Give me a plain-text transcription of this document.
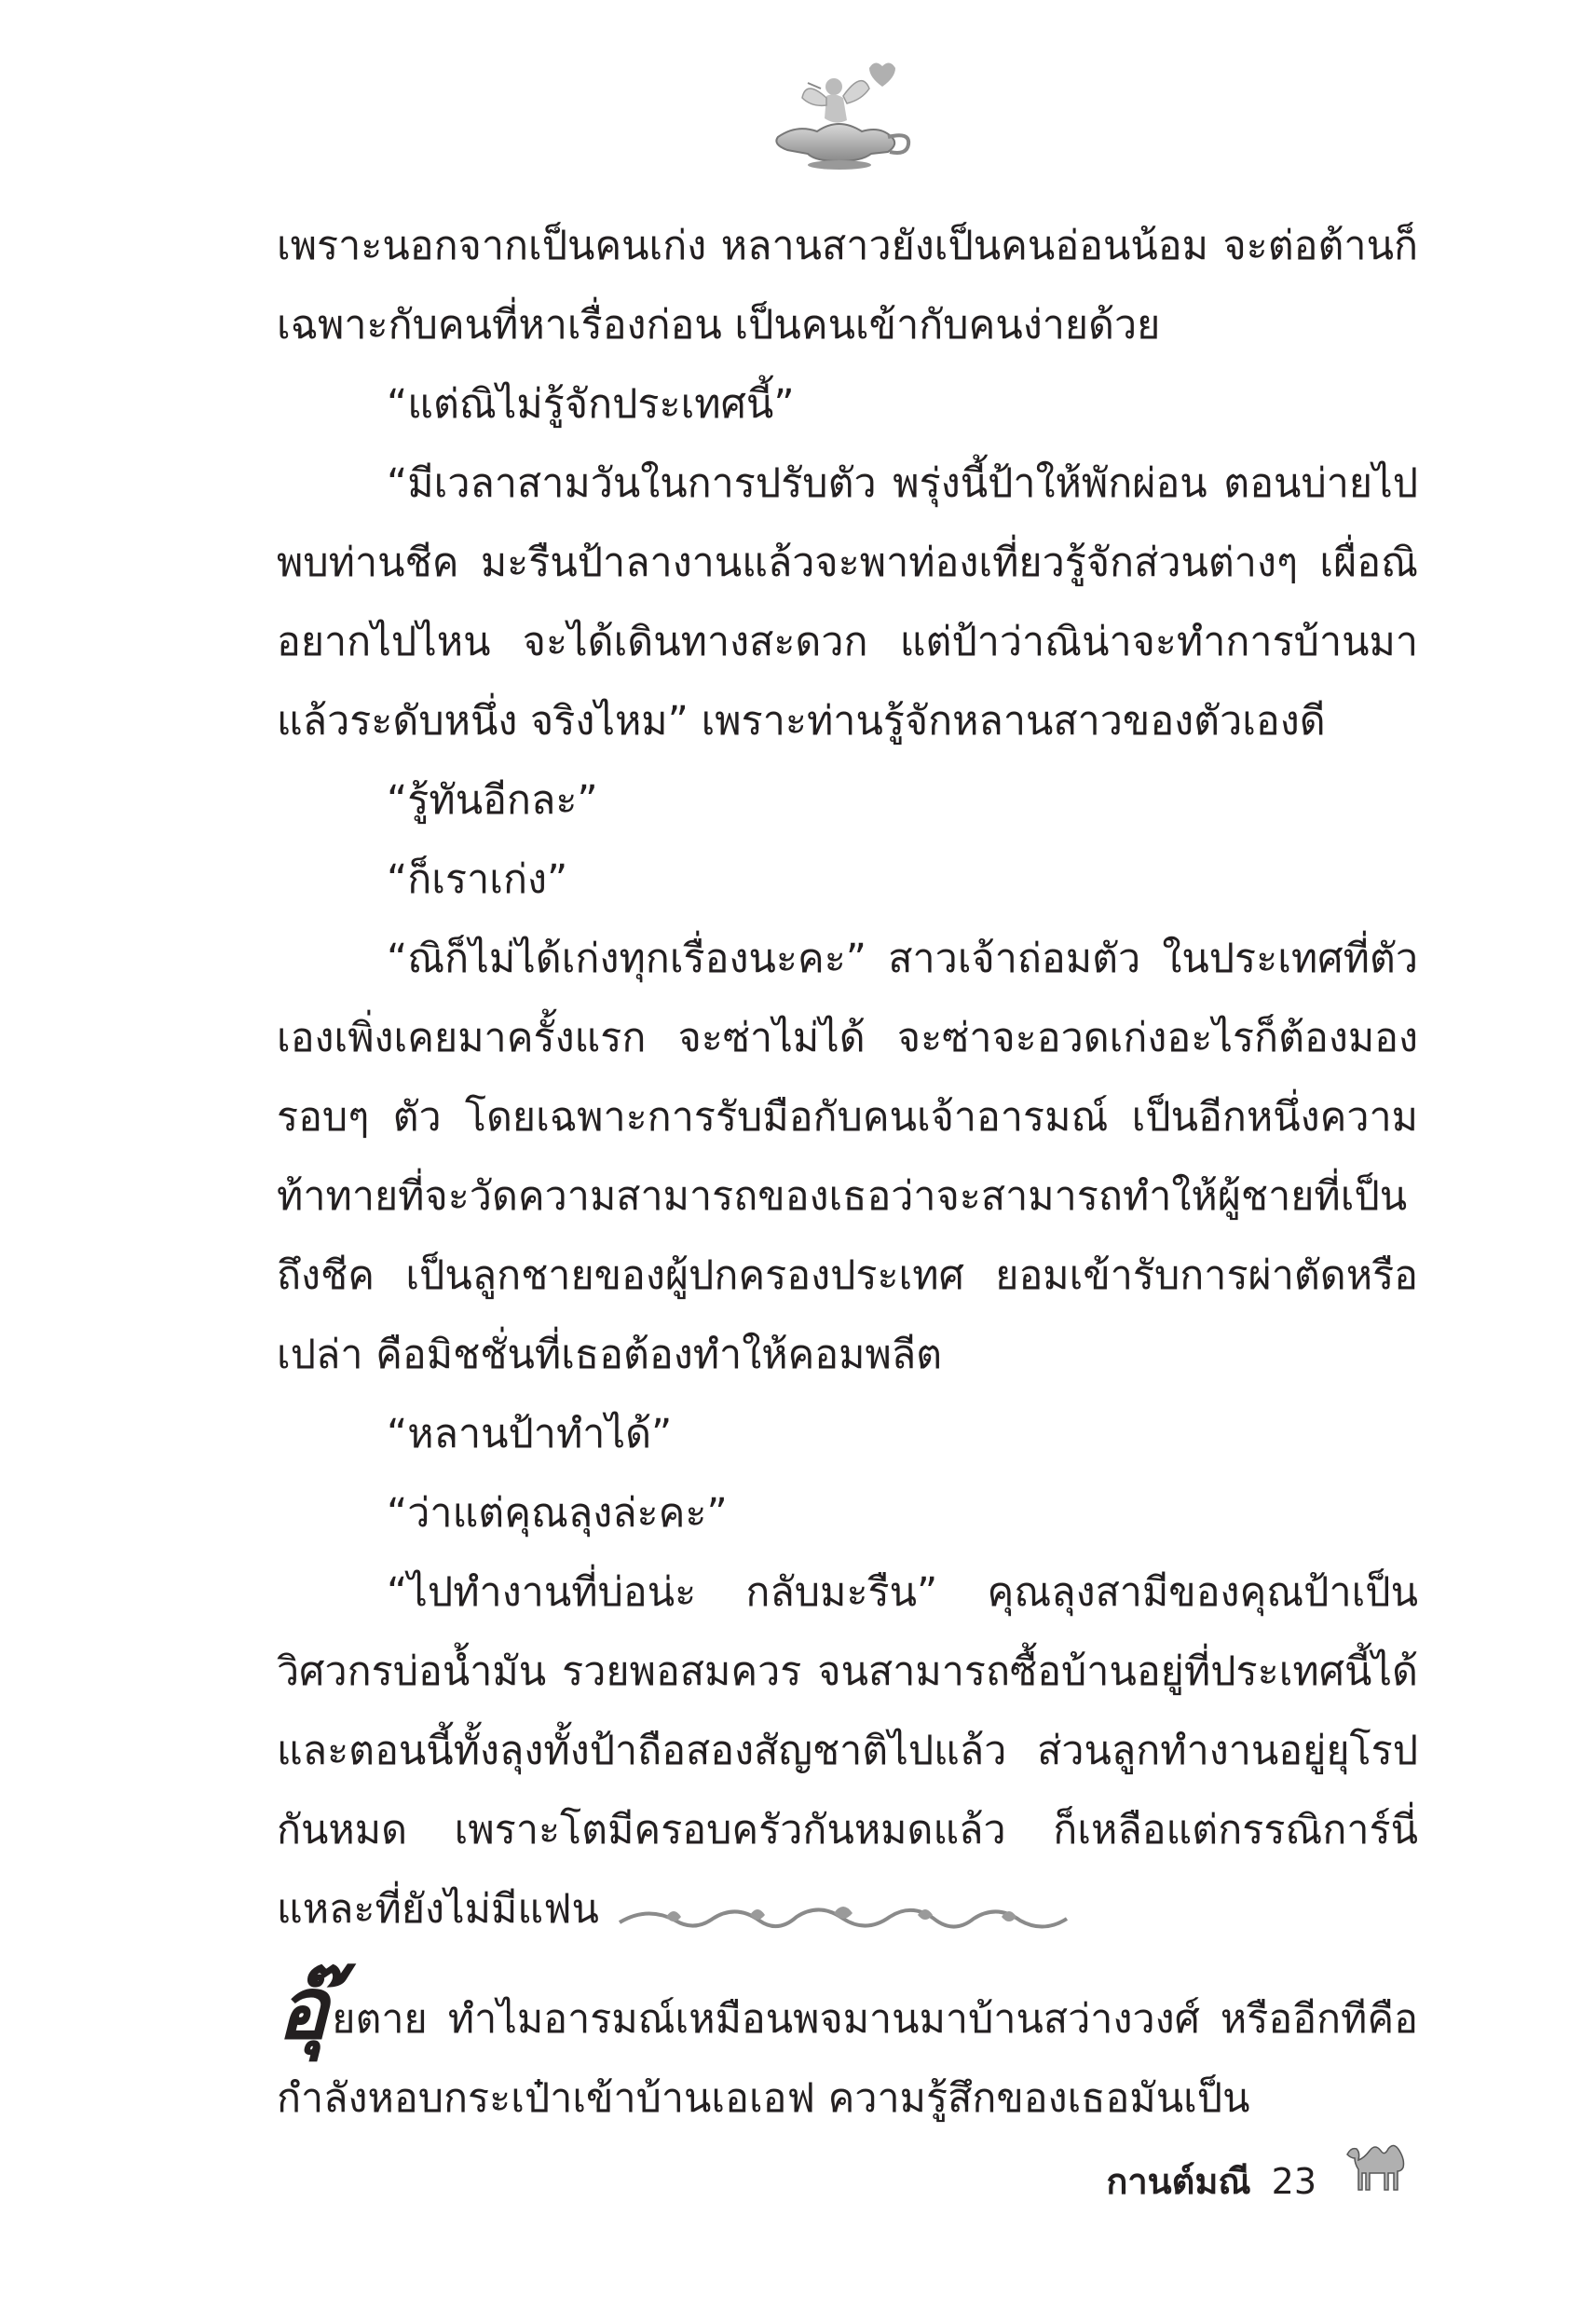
เพราะนอกจากเป็นคนเก่ง หลานสาวยังเป็นคนอ่อนน้อม จะต่อต้านก็เฉพาะกับคนที่หาเรื่องก่อน เป็นคนเข้ากับคนง่ายด้วย

“แต่ณิไม่รู้จักประเทศนี้”

“มีเวลาสามวันในการปรับตัว พรุ่งนี้ป้าให้พักผ่อน ตอนบ่ายไปพบท่านชีค มะรืนป้าลางานแล้วจะพาท่องเที่ยวรู้จักส่วนต่างๆ เผื่อณิอยากไปไหน จะได้เดินทางสะดวก แต่ป้าว่าณิน่าจะทำการบ้านมาแล้วระดับหนึ่ง จริงไหม” เพราะท่านรู้จักหลานสาวของตัวเองดี

“รู้ทันอีกละ”

“ก็เราเก่ง”

“ณิก็ไม่ได้เก่งทุกเรื่องนะคะ” สาวเจ้าถ่อมตัว ในประเทศที่ตัวเองเพิ่งเคยมาครั้งแรก จะซ่าไม่ได้ จะซ่าจะอวดเก่งอะไรก็ต้องมองรอบๆ ตัว โดยเฉพาะการรับมือกับคนเจ้าอารมณ์ เป็นอีกหนึ่งความท้าทายที่จะวัดความสามารถของเธอว่าจะสามารถทำให้ผู้ชายที่เป็นถึงชีค เป็นลูกชายของผู้ปกครองประเทศ ยอมเข้ารับการผ่าตัดหรือเปล่า คือมิชชั่นที่เธอต้องทำให้คอมพลีต

“หลานป้าทำได้”

“ว่าแต่คุณลุงล่ะคะ”

“ไปทำงานที่บ่อน่ะ กลับมะรืน” คุณลุงสามีของคุณป้าเป็นวิศวกรบ่อน้ำมัน รวยพอสมควร จนสามารถซื้อบ้านอยู่ที่ประเทศนี้ได้ และตอนนี้ทั้งลุงทั้งป้าถือสองสัญชาติไปแล้ว ส่วนลูกทำงานอยู่ยุโรปกันหมด เพราะโตมีครอบครัวกันหมดแล้ว ก็เหลือแต่กรรณิการ์นี่แหละที่ยังไม่มีแฟน

อุ๊ยตาย ทำไมอารมณ์เหมือนพจมานมาบ้านสว่างวงศ์ หรืออีกทีคือกำลังหอบกระเป๋าเข้าบ้านเอเอฟ ความรู้สึกของเธอมันเป็น

กานต์มณี 23
